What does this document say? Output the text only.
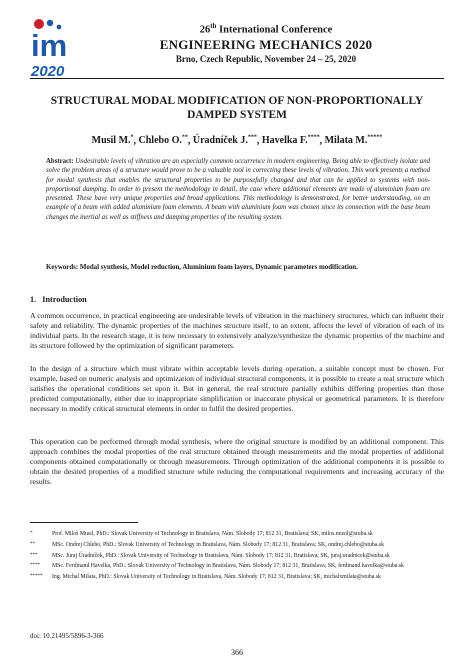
im
2020
26th International Conference
ENGINEERING MECHANICS 2020
Brno, Czech Republic, November 24 – 25, 2020
STRUCTURAL MODAL MODIFICATION OF NON-PROPORTIONALLY DAMPED SYSTEM
Musil M.*, Chlebo O.**, Úradníček J.***, Havelka F.****, Milata M.*****
Abstract: Undesirable levels of vibration are an especially common occurrence in modern engineering. Being able to effectively isolate and solve the problem areas of a structure would prove to be a valuable tool in correcting these levels of vibration. This work presents a method for modal synthesis that enables the structural properties to be purposefully changed and that can be applied to systems with non-proportional damping. In order to present the methodology in detail, the case where additional elements are made of aluminium foam are presented. These have very unique properties and broad applications. This methodology is demonstrated, for better understanding, on an example of a beam with added aluminium foam elements. A beam with aluminium foam was chosen since its connection with the base beam changes the inertial as well as stiffness and damping properties of the resulting system.
Keywords: Modal synthesis, Model reduction, Aluminium foam layers, Dynamic parameters modification.
1. Introduction
A common occurrence, in practical engineering are undesirable levels of vibration in the machinery structures, which can influent their safety and reliability. The dynamic properties of the machines structure itself, to an extent, affects the level of vibration of each of its individual parts. In the research stage, it is now necessary to extensively analyze/synthesize the dynamic properties of the machine and its structure followed by the optimization of significant parameters.
In the design of a structure which must vibrate within acceptable levels during operation, a suitable concept must be chosen. For example, based on numeric analysis and optimization of individual structural components, it is possible to create a real structure which satisfies the operational conditions set upon it. But in general, the real structure partially exhibits differing properties than those predicted computationally, either due to inappropriate simplification or inaccurate physical or geometrical parameters. It is therefore necessary to modify critical structural elements in order to fulfil the desired properties.
This operation can be performed through modal synthesis, where the original structure is modified by an additional component. This approach combines the modal properties of the real structure obtained through measurements and the modal properties of additional components obtained computationally or through measurements. Through optimization of the additional components it is possible to obtain the desired properties of a modified structure while reducing the computational requirements and increasing accuracy of the results.
*	Prof. Miloš Musil, PhD.: Slovak University of Technology in Bratislava, Nám. Slobody 17; 812 31, Bratislava; SK, milos.musil@stuba.sk
**	MSc. Ondrej Chlebo, PhD.: Slovak University of Technology in Bratislava, Nám. Slobody 17; 812 31, Bratislava; SK, ondrej.chlebo@stuba.sk
***	MSc. Juraj Úradníček, PhD.: Slovak University of Technology in Bratislava, Nám. Slobody 17; 812 31, Bratislava; SK, juraj.uradnicek@stuba.sk
****	MSc. Ferdinand Havelka, PhD.: Slovak University of Technology in Bratislava, Nám. Slobody 17; 812 31, Bratislava; SK, ferdinand.havelka@stuba.sk
*****	Ing. Michal Milata, PhD.: Slovak University of Technology in Bratislava, Nám. Slobody 17; 812 31, Bratislava; SK, michalxmilata@stuba.sk
doi: 10.21495/5896-3-366
366
